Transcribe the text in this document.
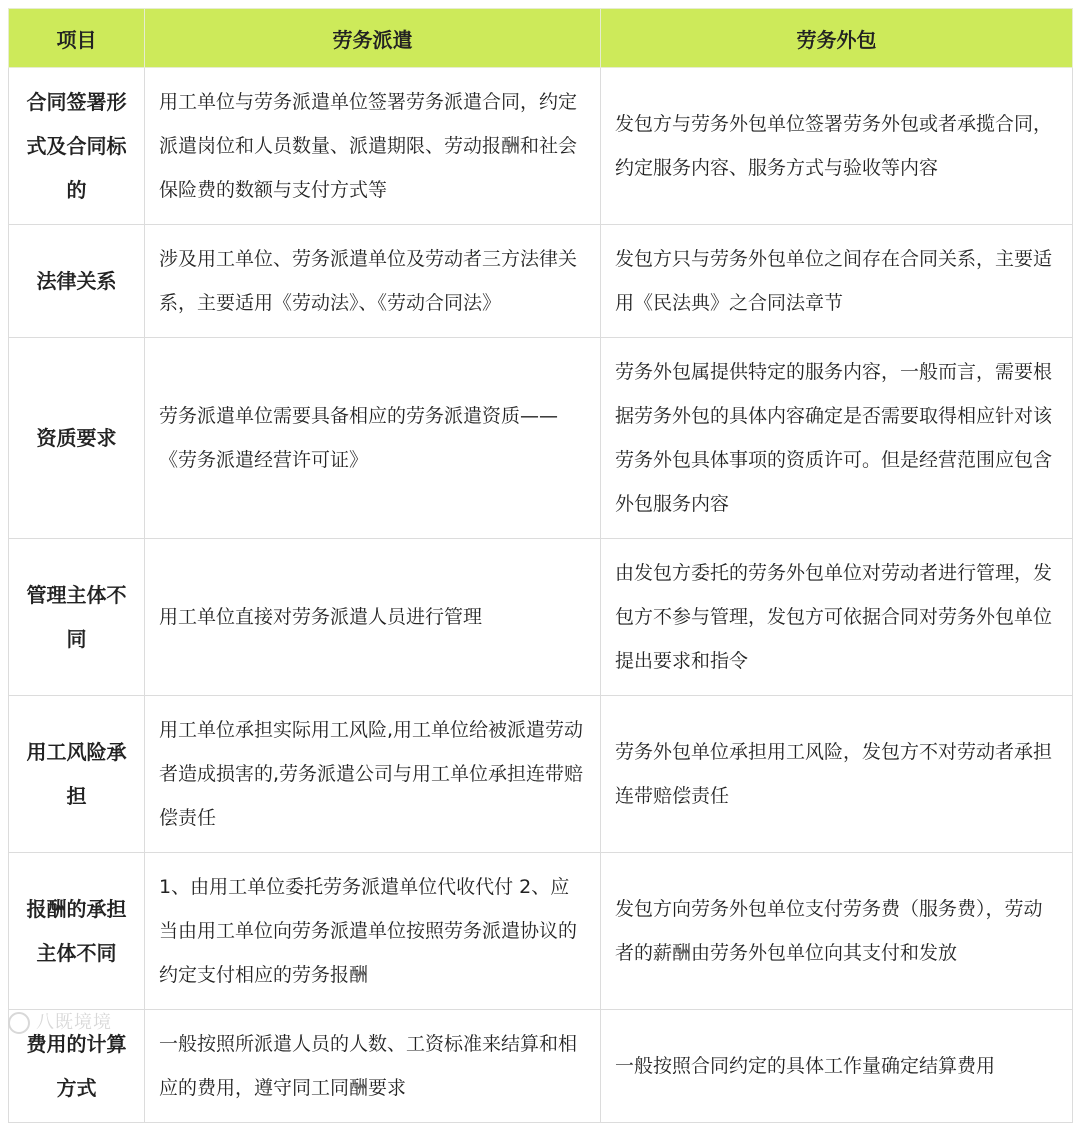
项目	劳务派遣	劳务外包
合同签署形式及合同标的	用工单位与劳务派遣单位签署劳务派遣合同，约定派遣岗位和人员数量、派遣期限、劳动报酬和社会保险费的数额与支付方式等	发包方与劳务外包单位签署劳务外包或者承揽合同，约定服务内容、服务方式与验收等内容
法律关系	涉及用工单位、劳务派遣单位及劳动者三方法律关系，主要适用《劳动法》、《劳动合同法》	发包方只与劳务外包单位之间存在合同关系，主要适用《民法典》之合同法章节
资质要求	劳务派遣单位需要具备相应的劳务派遣资质——《劳务派遣经营许可证》	劳务外包属提供特定的服务内容，一般而言，需要根据劳务外包的具体内容确定是否需要取得相应针对该劳务外包具体事项的资质许可。但是经营范围应包含外包服务内容
管理主体不同	用工单位直接对劳务派遣人员进行管理	由发包方委托的劳务外包单位对劳动者进行管理，发包方不参与管理，发包方可依据合同对劳务外包单位提出要求和指令
用工风险承担	用工单位承担实际用工风险,用工单位给被派遣劳动者造成损害的,劳务派遣公司与用工单位承担连带赔偿责任	劳务外包单位承担用工风险，发包方不对劳动者承担连带赔偿责任
报酬的承担主体不同	1、由用工单位委托劳务派遣单位代收代付 2、应当由用工单位向劳务派遣单位按照劳务派遣协议的约定支付相应的劳务报酬	发包方向劳务外包单位支付劳务费（服务费），劳动者的薪酬由劳务外包单位向其支付和发放
费用的计算方式	一般按照所派遣人员的人数、工资标准来结算和相应的费用，遵守同工同酬要求	一般按照合同约定的具体工作量确定结算费用
八既境境
